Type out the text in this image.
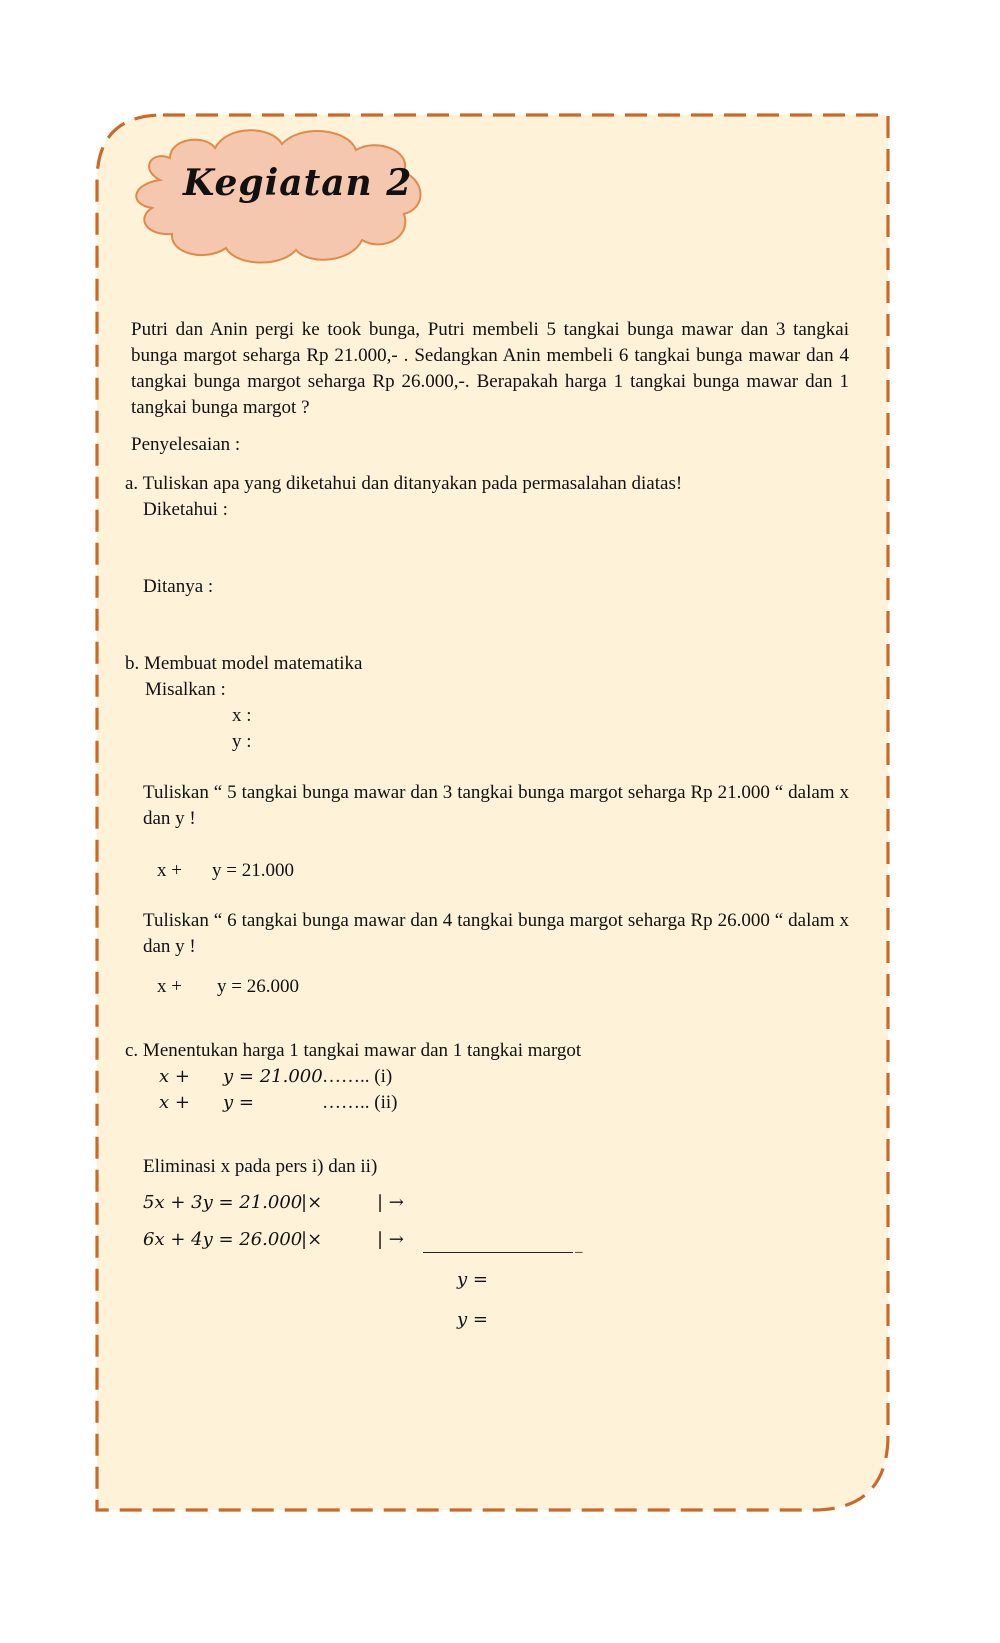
Kegiatan 2
Putri dan Anin pergi ke took bunga, Putri membeli 5 tangkai bunga mawar dan 3 tangkai bunga margot seharga Rp 21.000,- . Sedangkan Anin membeli 6 tangkai bunga mawar dan 4 tangkai bunga margot seharga Rp 26.000,-. Berapakah harga 1 tangkai bunga mawar dan 1 tangkai bunga margot ?
Penyelesaian :
a. Tuliskan apa yang diketahui dan ditanyakan pada permasalahan diatas!
Diketahui :
Ditanya :
b. Membuat model matematika
Misalkan :
x :
y :
Tuliskan “ 5 tangkai bunga mawar dan 3 tangkai bunga margot seharga Rp 21.000 “ dalam x dan y !
x + y = 21.000
Tuliskan “ 6 tangkai bunga mawar dan 4 tangkai bunga margot seharga Rp 26.000 “ dalam x dan y !
x + y = 26.000
c. Menentukan harga 1 tangkai mawar dan 1 tangkai margot
x + y = 21.000 …….. (i)
x + y =	…….. (ii)
Eliminasi x pada pers i) dan ii)
5x + 3y = 21.000
|×	| →
6x + 4y = 26.000
|×	| →	_
y =
y =
